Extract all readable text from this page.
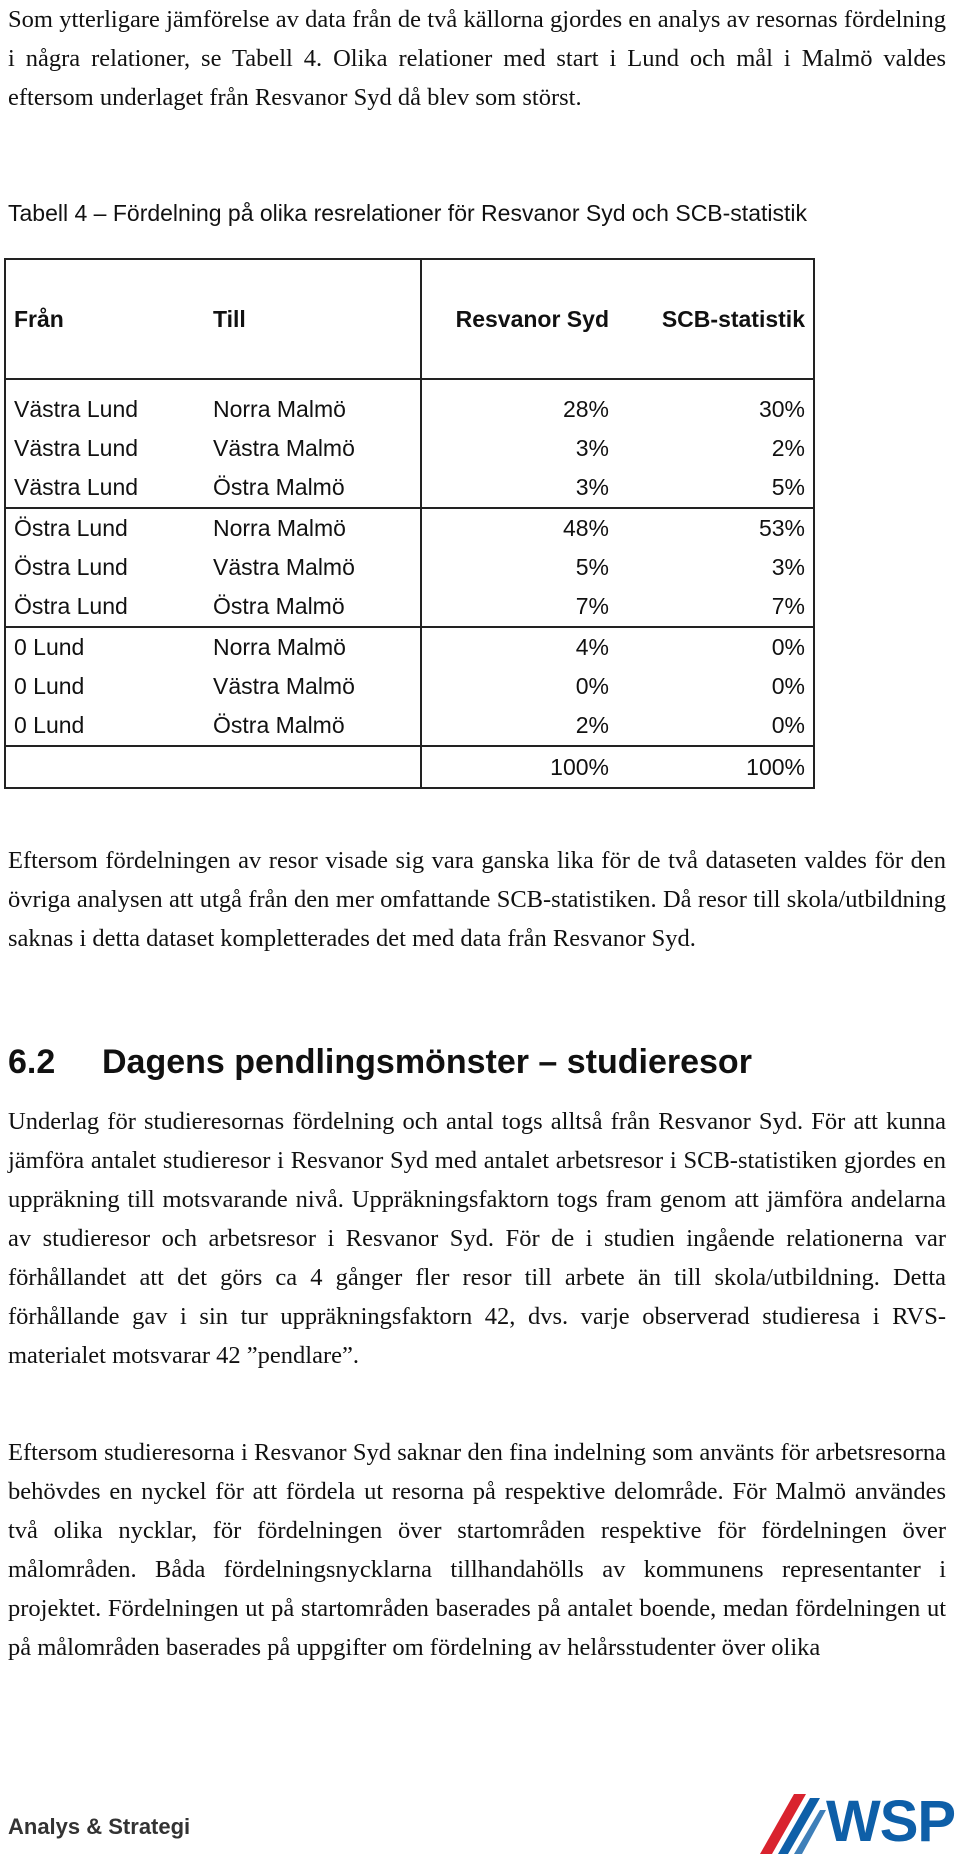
Som ytterligare jämförelse av data från de två källorna gjordes en analys av resornas fördelning i några relationer, se Tabell 4. Olika relationer med start i Lund och mål i Malmö valdes eftersom underlaget från Resvanor Syd då blev som störst.

Tabell 4 – Fördelning på olika resrelationer för Resvanor Syd och SCB-statistik

Från	Till	Resvanor Syd	SCB-statistik
Västra Lund	Norra Malmö	28%	30%
Västra Lund	Västra Malmö	3%	2%
Västra Lund	Östra Malmö	3%	5%
Östra Lund	Norra Malmö	48%	53%
Östra Lund	Västra Malmö	5%	3%
Östra Lund	Östra Malmö	7%	7%
0 Lund	Norra Malmö	4%	0%
0 Lund	Västra Malmö	0%	0%
0 Lund	Östra Malmö	2%	0%
		100%	100%

Eftersom fördelningen av resor visade sig vara ganska lika för de två dataseten valdes för den övriga analysen att utgå från den mer omfattande SCB-statistiken. Då resor till skola/utbildning saknas i detta dataset kompletterades det med data från Resvanor Syd.

6.2 Dagens pendlingsmönster – studieresor

Underlag för studieresornas fördelning och antal togs alltså från Resvanor Syd. För att kunna jämföra antalet studieresor i Resvanor Syd med antalet arbetsresor i SCB-statistiken gjordes en uppräkning till motsvarande nivå. Uppräkningsfaktorn togs fram genom att jämföra andelarna av studieresor och arbetsresor i Resvanor Syd. För de i studien ingående relationerna var förhållandet att det görs ca 4 gånger fler resor till arbete än till skola/utbildning. Detta förhållande gav i sin tur uppräkningsfaktorn 42, dvs. varje observerad studieresa i RVS-materialet motsvarar 42 ”pendlare”.

Eftersom studieresorna i Resvanor Syd saknar den fina indelning som använts för arbetsresorna behövdes en nyckel för att fördela ut resorna på respektive delområde. För Malmö användes två olika nycklar, för fördelningen över startområden respektive för fördelningen över målområden. Båda fördelningsnycklarna tillhandahölls av kommunens representanter i projektet. Fördelningen ut på startområden baserades på antalet boende, medan fördelningen ut på målområden baserades på uppgifter om fördelning av helårsstudenter över olika

Analys & Strategi	WSP
